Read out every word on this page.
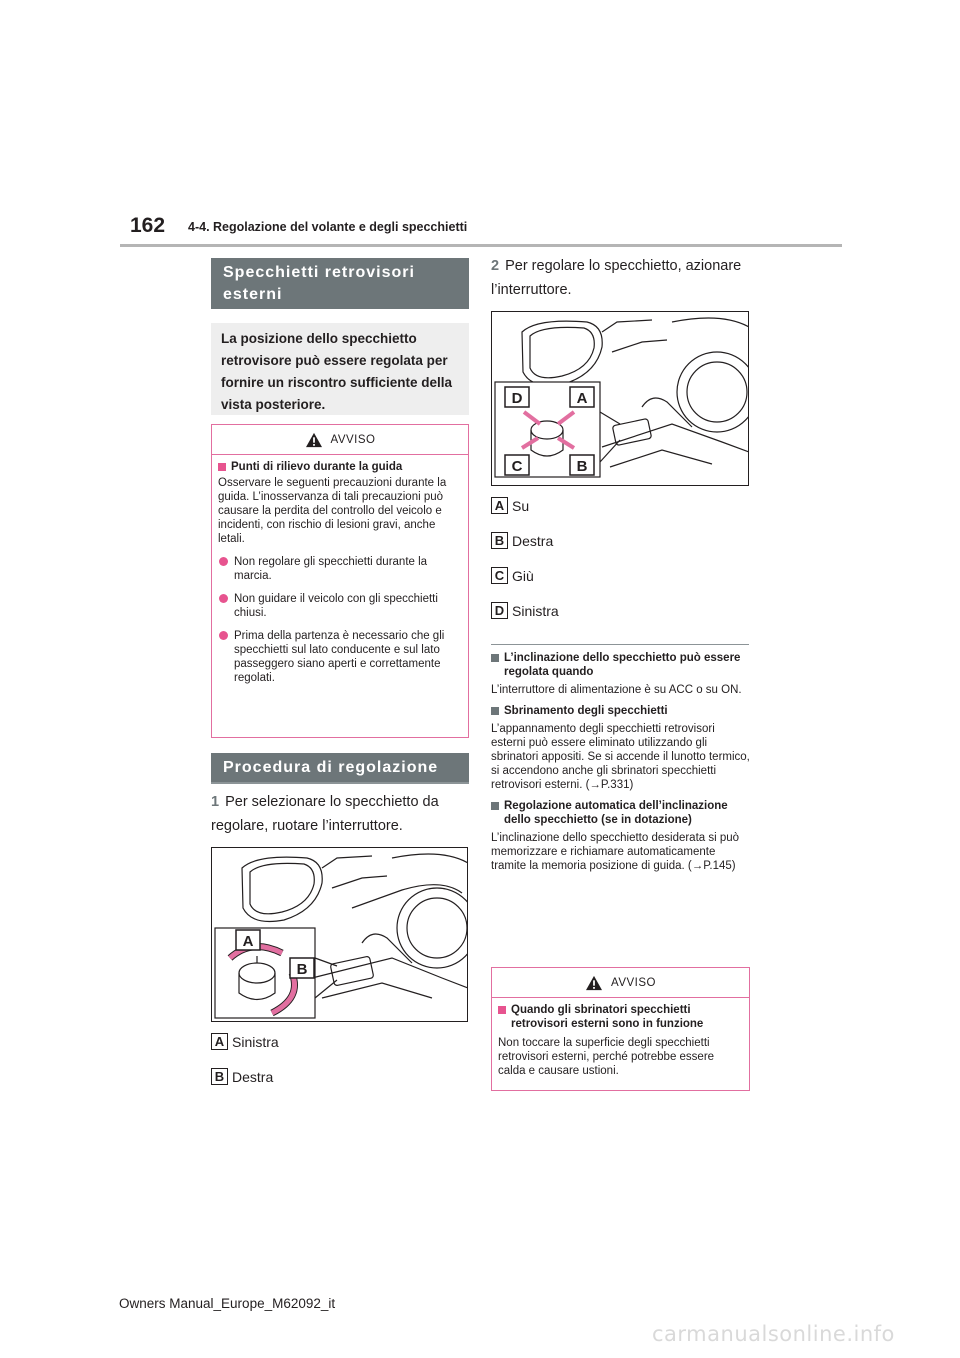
162 4-4. Regolazione del volante e degli specchietti
Specchietti retrovisori esterni
La posizione dello specchietto retrovisore può essere regolata per fornire un riscontro sufficiente della vista posteriore.
AVVISO
Punti di rilievo durante la guida
Osservare le seguenti precauzioni durante la guida. L’inosservanza di tali precauzioni può causare la perdita del controllo del veicolo e incidenti, con rischio di lesioni gravi, anche letali.
Non regolare gli specchietti durante la marcia.
Non guidare il veicolo con gli specchietti chiusi.
Prima della partenza è necessario che gli specchietti sul lato conducente e sul lato passeggero siano aperti e correttamente regolati.
Procedura di regolazione
1 Per selezionare lo specchietto da regolare, ruotare l’interruttore.
A
B
A Sinistra
B Destra
2 Per regolare lo specchietto, azionare l’interruttore.
D	A
C	B
A Su
B Destra
C Giù
D Sinistra
L’inclinazione dello specchietto può essere regolata quando
L’interruttore di alimentazione è su ACC o su ON.
Sbrinamento degli specchietti
L’appannamento degli specchietti retrovisori esterni può essere eliminato utilizzando gli sbrinatori appositi. Se si accende il lunotto termico, si accendono anche gli sbrinatori specchietti retrovisori esterni. (→P.331)
Regolazione automatica dell’inclinazione dello specchietto (se in dotazione)
L’inclinazione dello specchietto desiderata si può memorizzare e richiamare automaticamente tramite la memoria posizione di guida. (→P.145)
AVVISO
Quando gli sbrinatori specchietti retrovisori esterni sono in funzione
Non toccare la superficie degli specchietti retrovisori esterni, perché potrebbe essere calda e causare ustioni.
Owners Manual_Europe_M62092_it
carmanualsonline.info
